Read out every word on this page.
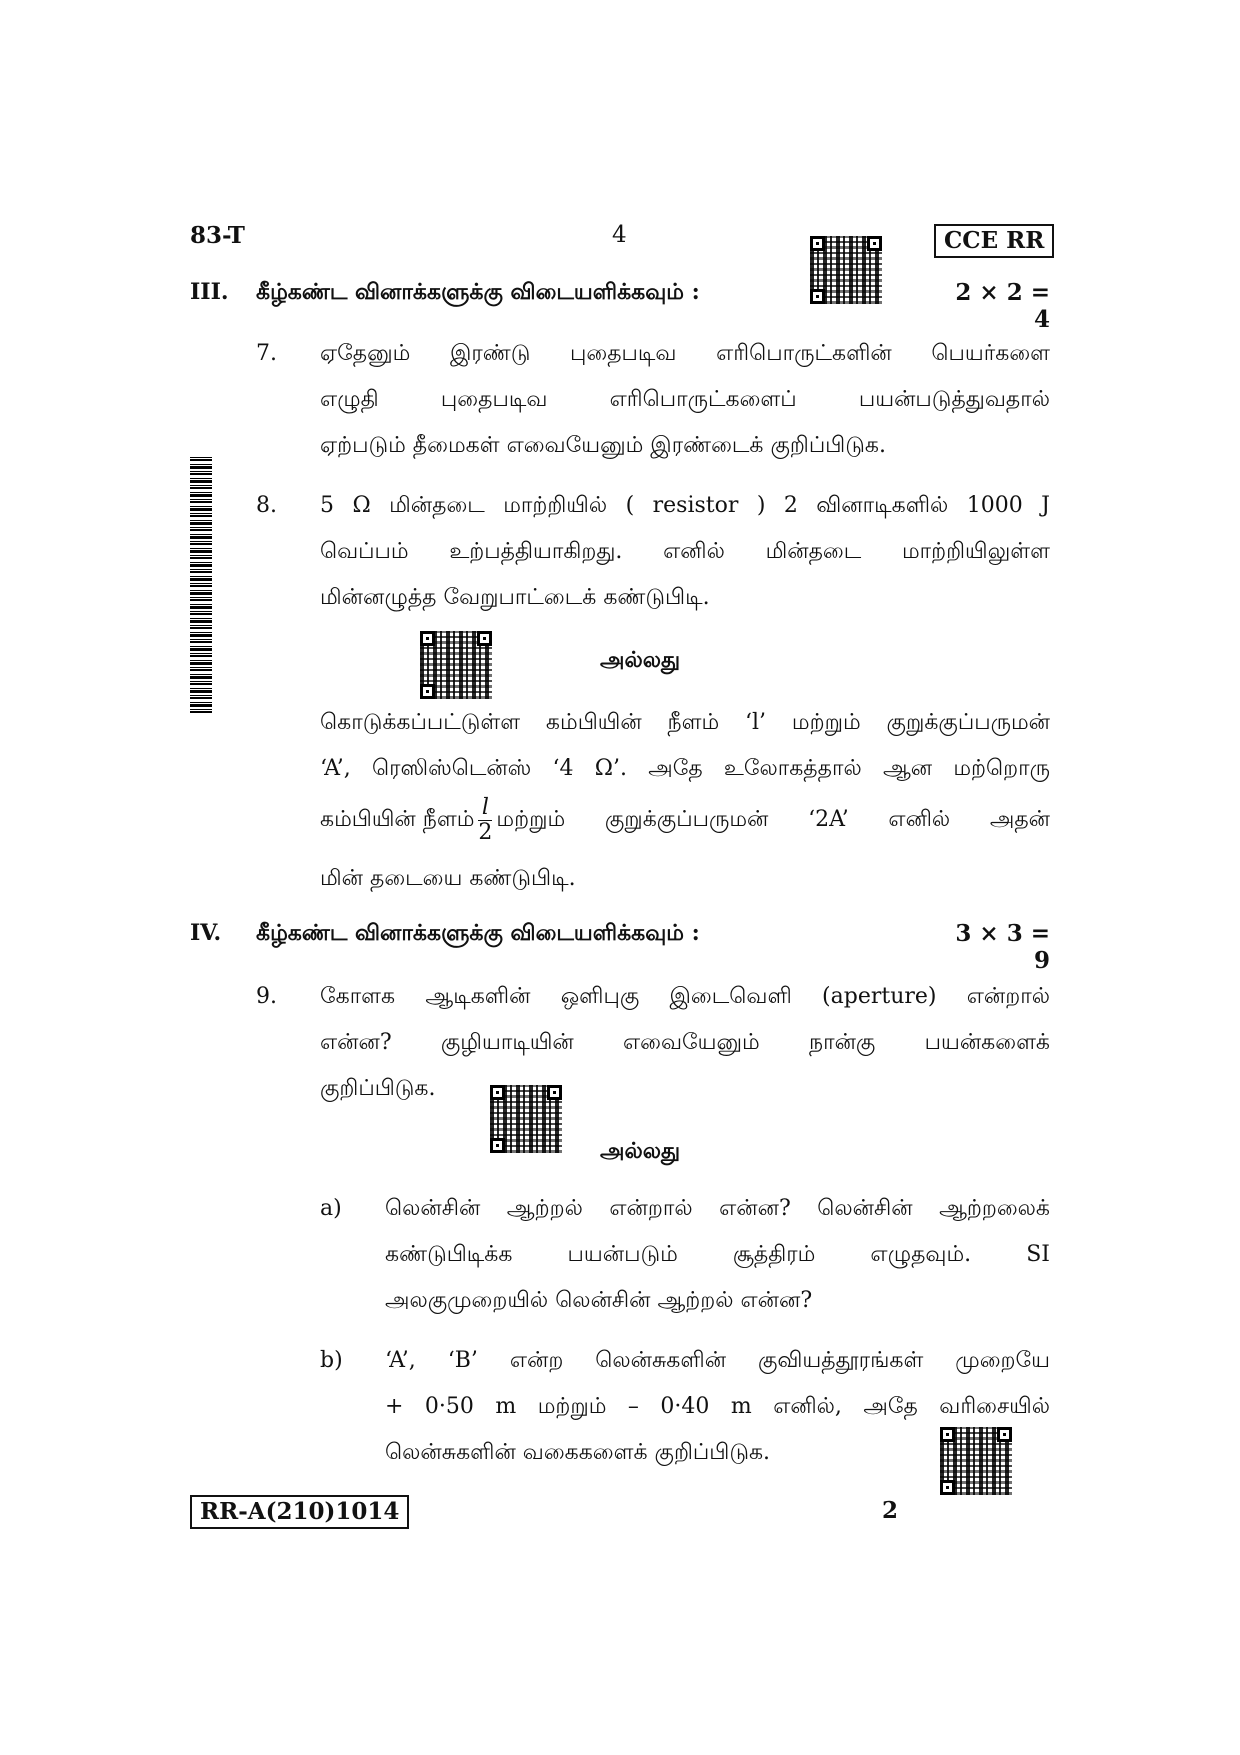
83-T	4	CCE RR
III. கீழ்கண்ட வினாக்களுக்கு விடையளிக்கவும் :	2 × 2 = 4
7. ஏதேனும் இரண்டு புதைபடிவ எரிபொருட்களின் பெயர்களை
எழுதி புதைபடிவ எரிபொருட்களைப் பயன்படுத்துவதால்
ஏற்படும் தீமைகள் எவையேனும் இரண்டைக் குறிப்பிடுக.
8. 5 Ω மின்தடை மாற்றியில் ( resistor ) 2 வினாடிகளில் 1000 J
வெப்பம் உற்பத்தியாகிறது. எனில் மின்தடை மாற்றியிலுள்ள
மின்னழுத்த வேறுபாட்டைக் கண்டுபிடி.
அல்லது
கொடுக்கப்பட்டுள்ள கம்பியின் நீளம் ‘l’ மற்றும் குறுக்குப்பருமன்
‘A’, ரெஸிஸ்டென்ஸ் ‘4 Ω’. அதே உலோகத்தால் ஆன மற்றொரு
கம்பியின் நீளம் $\frac{l}{2}$ மற்றும் குறுக்குப்பருமன் ‘2A’ எனில் அதன்
மின் தடையை கண்டுபிடி.
IV. கீழ்கண்ட வினாக்களுக்கு விடையளிக்கவும் :	3 × 3 = 9
9. கோளக ஆடிகளின் ஒளிபுகு இடைவெளி (aperture) என்றால்
என்ன? குழியாடியின் எவையேனும் நான்கு பயன்களைக்
குறிப்பிடுக.
அல்லது
a) லென்சின் ஆற்றல் என்றால் என்ன? லென்சின் ஆற்றலைக்
கண்டுபிடிக்க பயன்படும் சூத்திரம் எழுதவும். SI
அலகுமுறையில் லென்சின் ஆற்றல் என்ன?
b) ‘A’, ‘B’ என்ற லென்சுகளின் குவியத்தூரங்கள் முறையே
+ 0·50 m மற்றும் – 0·40 m எனில், அதே வரிசையில்
லென்சுகளின் வகைகளைக் குறிப்பிடுக.
RR-A(210)1014	2
